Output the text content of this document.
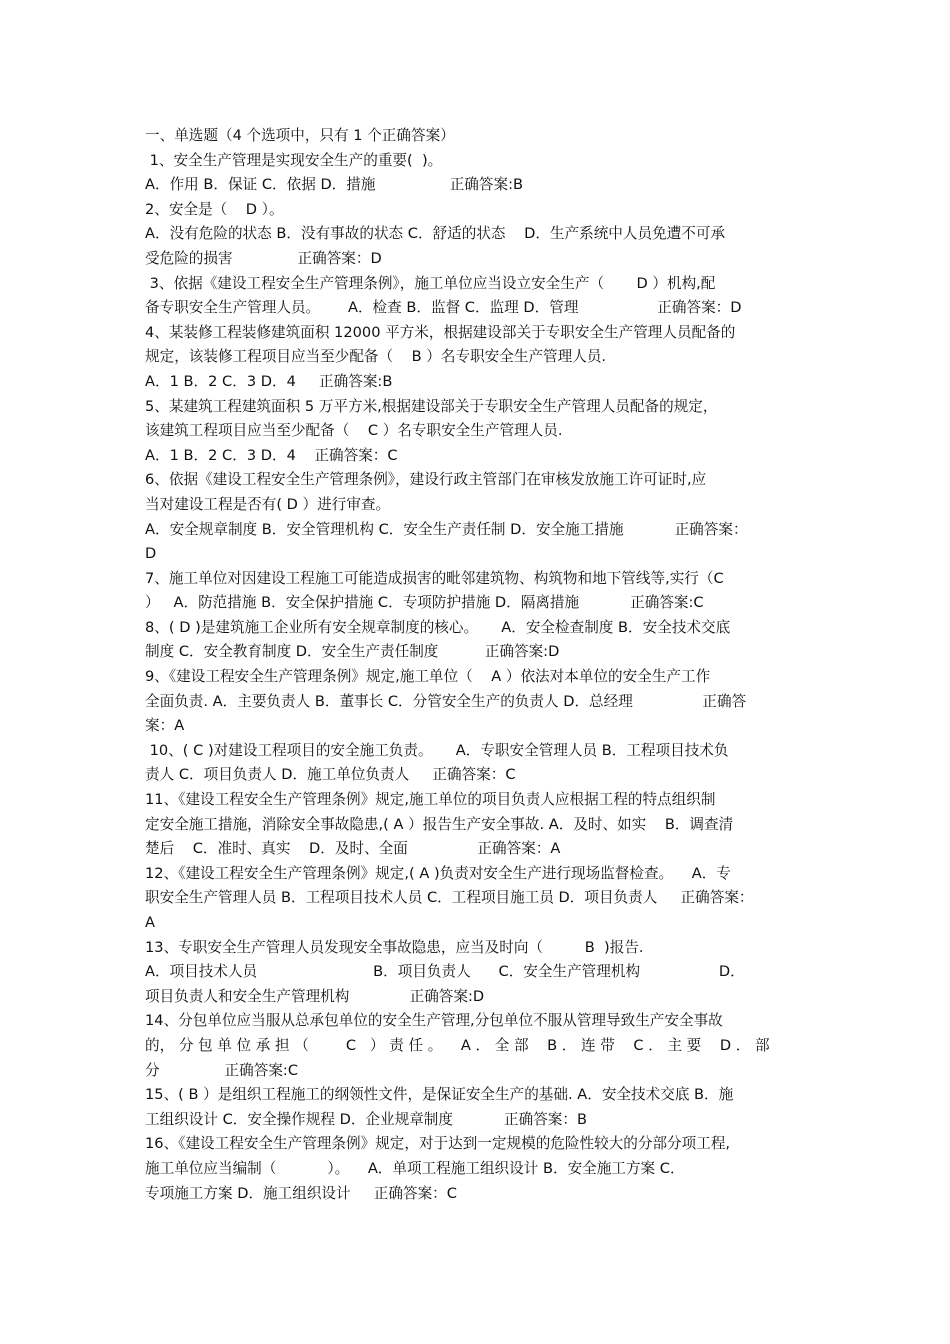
一、单选题（4 个选项中，只有 1 个正确答案）
1、安全生产管理是实现安全生产的重要(  )。
A．作用 B．保证 C．依据 D．措施                正确答案:B
2、安全是（    D ）。
A．没有危险的状态 B．没有事故的状态 C．舒适的状态    D．生产系统中人员免遭不可承
受危险的损害              正确答案：D
3、依据《建设工程安全生产管理条例》，施工单位应当设立安全生产（       D ）机构,配
备专职安全生产管理人员。      A．检查 B．监督 C．监理 D．管理                 正确答案：D
4、某装修工程装修建筑面积 12000 平方米，根据建设部关于专职安全生产管理人员配备的
规定，该装修工程项目应当至少配备（    B ）名专职安全生产管理人员.
A．1 B．2 C．3 D．4     正确答案:B
5、某建筑工程建筑面积 5 万平方米,根据建设部关于专职安全生产管理人员配备的规定，
该建筑工程项目应当至少配备（    C ）名专职安全生产管理人员.
A．1 B．2 C．3 D．4    正确答案：C
6、依据《建设工程安全生产管理条例》，建设行政主管部门在审核发放施工许可证时,应
当对建设工程是否有( D ）进行审查。
A．安全规章制度 B．安全管理机构 C．安全生产责任制 D．安全施工措施           正确答案：
D
7、施工单位对因建设工程施工可能造成损害的毗邻建筑物、构筑物和地下管线等,实行（C
）   A．防范措施 B．安全保护措施 C．专项防护措施 D．隔离措施           正确答案:C
8、( D )是建筑施工企业所有安全规章制度的核心。     A．安全检查制度 B．安全技术交底
制度 C．安全教育制度 D．安全生产责任制度          正确答案:D
9、《建设工程安全生产管理条例》规定,施工单位（    A ）依法对本单位的安全生产工作
全面负责. A．主要负责人 B．董事长 C．分管安全生产的负责人 D．总经理               正确答
案：A
10、( C )对建设工程项目的安全施工负责。     A．专职安全管理人员 B．工程项目技术负
责人 C．项目负责人 D．施工单位负责人     正确答案：C
11、《建设工程安全生产管理条例》规定,施工单位的项目负责人应根据工程的特点组织制
定安全施工措施，消除安全事故隐患,( A ）报告生产安全事故. A．及时、如实    B．调查清
楚后    C．准时、真实    D．及时、全面               正确答案：A
12、《建设工程安全生产管理条例》规定,( A )负责对安全生产进行现场监督检查。    A．专
职安全生产管理人员 B．工程项目技术人员 C．工程项目施工员 D．项目负责人     正确答案：
A
13、专职安全生产管理人员发现安全事故隐患，应当及时向（         B  )报告.
A．项目技术人员                         B．项目负责人      C．安全生产管理机构                 D．
项目负责人和安全生产管理机构             正确答案:D
14、分包单位应当服从总承包单位的安全生产管理,分包单位不服从管理导致生产安全事故
的， 分 包 单 位 承 担 （        C   ） 责 任 。    A ． 全 部    B ． 连 带    C ． 主 要    D ． 部
分              正确答案:C
15、( B ）是组织工程施工的纲领性文件，是保证安全生产的基础. A．安全技术交底 B．施
工组织设计 C．安全操作规程 D．企业规章制度           正确答案：B
16、《建设工程安全生产管理条例》规定，对于达到一定规模的危险性较大的分部分项工程,
施工单位应当编制（           ）。    A．单项工程施工组织设计 B．安全施工方案 C．
专项施工方案 D．施工组织设计     正确答案：C
